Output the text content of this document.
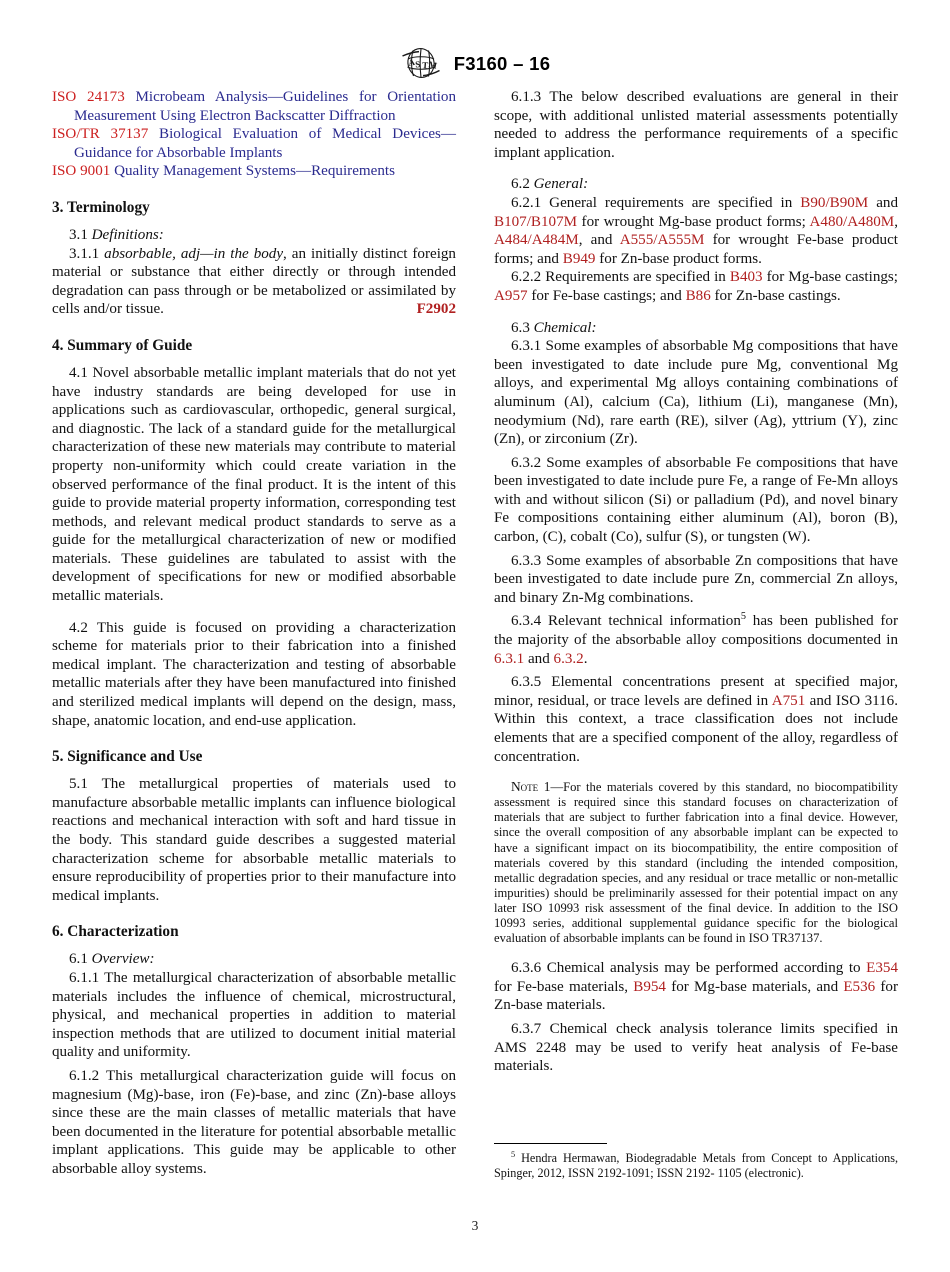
A S T M F3160 – 16

ISO 24173 Microbeam Analysis—Guidelines for Orientation Measurement Using Electron Backscatter Diffraction

ISO/TR 37137 Biological Evaluation of Medical Devices—Guidance for Absorbable Implants

ISO 9001 Quality Management Systems—Requirements

3. Terminology

3.1 Definitions:

3.1.1 absorbable, adj—in the body, an initially distinct foreign material or substance that either directly or through intended degradation can pass through or be metabolized or assimilated by cells and/or tissue.	F2902

4. Summary of Guide

4.1 Novel absorbable metallic implant materials that do not yet have industry standards are being developed for use in applications such as cardiovascular, orthopedic, general surgical, and diagnostic. The lack of a standard guide for the metallurgical characterization of these new materials may contribute to material property non-uniformity which could create variation in the observed performance of the final product. It is the intent of this guide to provide material property information, corresponding test methods, and relevant medical product standards to serve as a guide for the metallurgical characterization of new or modified materials. These guidelines are tabulated to assist with the development of specifications for new or modified absorbable metallic materials.

4.2 This guide is focused on providing a characterization scheme for materials prior to their fabrication into a finished medical implant. The characterization and testing of absorbable metallic materials after they have been manufactured into finished and sterilized medical implants will depend on the design, mass, shape, anatomic location, and end-use application.

5. Significance and Use

5.1 The metallurgical properties of materials used to manufacture absorbable metallic implants can influence biological reactions and mechanical interaction with soft and hard tissue in the body. This standard guide describes a suggested material characterization scheme for absorbable metallic materials to ensure reproducibility of properties prior to their manufacture into medical implants.

6. Characterization

6.1 Overview:

6.1.1 The metallurgical characterization of absorbable metallic materials includes the influence of chemical, microstructural, physical, and mechanical properties in addition to material inspection methods that are utilized to document initial material quality and uniformity.

6.1.2 This metallurgical characterization guide will focus on magnesium (Mg)-base, iron (Fe)-base, and zinc (Zn)-base alloys since these are the main classes of metallic materials that have been documented in the literature for potential absorbable metallic implant applications. This guide may be applicable to other absorbable alloy systems.

6.1.3 The below described evaluations are general in their scope, with additional unlisted material assessments potentially needed to address the performance requirements of a specific implant application.

6.2 General:

6.2.1 General requirements are specified in B90/B90M and B107/B107M for wrought Mg-base product forms; A480/A480M, A484/A484M, and A555/A555M for wrought Fe-base product forms; and B949 for Zn-base product forms.

6.2.2 Requirements are specified in B403 for Mg-base castings; A957 for Fe-base castings; and B86 for Zn-base castings.

6.3 Chemical:

6.3.1 Some examples of absorbable Mg compositions that have been investigated to date include pure Mg, conventional Mg alloys, and experimental Mg alloys containing combinations of aluminum (Al), calcium (Ca), lithium (Li), manganese (Mn), neodymium (Nd), rare earth (RE), silver (Ag), yttrium (Y), zinc (Zn), or zirconium (Zr).

6.3.2 Some examples of absorbable Fe compositions that have been investigated to date include pure Fe, a range of Fe-Mn alloys with and without silicon (Si) or palladium (Pd), and novel binary Fe compositions containing either aluminum (Al), boron (B), carbon, (C), cobalt (Co), sulfur (S), or tungsten (W).

6.3.3 Some examples of absorbable Zn compositions that have been investigated to date include pure Zn, commercial Zn alloys, and binary Zn-Mg combinations.

6.3.4 Relevant technical information$^5$ has been published for the majority of the absorbable alloy compositions documented in 6.3.1 and 6.3.2.

6.3.5 Elemental concentrations present at specified major, minor, residual, or trace levels are defined in A751 and ISO 3116. Within this context, a trace classification does not include elements that are a specified component of the alloy, regardless of concentration.

Note 1—For the materials covered by this standard, no biocompatibility assessment is required since this standard focuses on characterization of materials that are subject to further fabrication into a final device. However, since the overall composition of any absorbable implant can be expected to have a significant impact on its biocompatibility, the entire composition of materials covered by this standard (including the intended composition, metallic degradation species, and any residual or trace metallic or non-metallic impurities) should be preliminarily assessed for their potential impact on any later ISO 10993 risk assessment of the final device. In addition to the ISO 10993 series, additional supplemental guidance specific for the biological evaluation of absorbable implants can be found in ISO TR37137.

6.3.6 Chemical analysis may be performed according to E354 for Fe-base materials, B954 for Mg-base materials, and E536 for Zn-base materials.

6.3.7 Chemical check analysis tolerance limits specified in AMS 2248 may be used to verify heat analysis of Fe-base materials.

$^5$ Hendra Hermawan, Biodegradable Metals from Concept to Applications, Spinger, 2012, ISSN 2192-1091; ISSN 2192- 1105 (electronic).

3
